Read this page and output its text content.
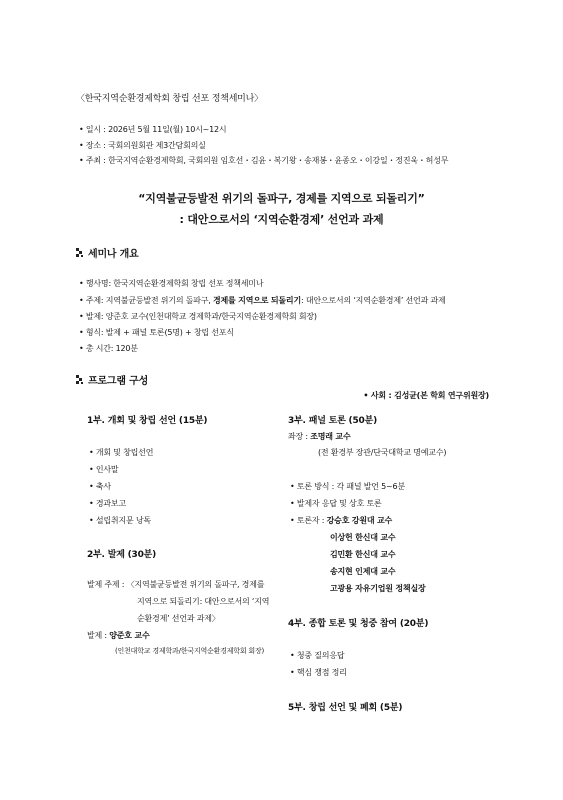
〈한국지역순환경제학회 창립 선포 정책세미나〉
• 일시 : 2026년 5월 11일(월) 10시~12시
• 장소 : 국회의원회관 제3간담회의실
• 주최 : 한국지역순환경제학회, 국회의원 임호선・김윤・복기왕・송재봉・윤종오・이강일・정진욱・허성무
“지역불균등발전 위기의 돌파구, 경제를 지역으로 되돌리기”
: 대안으로서의 ‘지역순환경제’ 선언과 과제
세미나 개요
• 행사명: 한국지역순환경제학회 창립 선포 정책세미나
• 주제: 지역불균등발전 위기의 돌파구, 경제를 지역으로 되돌리기: 대안으로서의 ‘지역순환경제’ 선언과 과제
• 발제: 양준호 교수(인천대학교 경제학과/한국지역순환경제학회 회장)
• 형식: 발제 + 패널 토론(5명) + 창립 선포식
• 총 시간: 120분
프로그램 구성
• 사회 : 김성균(본 학회 연구위원장)
1부. 개회 및 창립 선언 (15분)
• 개회 및 창립선언
• 인사말
• 축사
• 경과보고
• 설립취지문 낭독
2부. 발제 (30분)
발제 주제 : 〈지역불균등발전 위기의 돌파구, 경제를
지역으로 되돌리기: 대안으로서의 ‘지역
순환경제’ 선언과 과제〉
발제 : 양준호 교수
(인천대학교 경제학과/한국지역순환경제학회 회장)
3부. 패널 토론 (50분)
좌장 : 조명래 교수
(전 환경부 장관/단국대학교 명예교수)
• 토론 방식 : 각 패널 발언 5~6분
• 발제자 응답 및 상호 토론
• 토론자 : 강승호 강원대 교수
이상헌 한신대 교수
김민환 한신대 교수
송지현 인제대 교수
고광용 자유기업원 정책실장
4부. 종합 토론 및 청중 참여 (20분)
• 청중 질의응답
• 핵심 쟁점 정리
5부. 창립 선언 및 폐회 (5분)
